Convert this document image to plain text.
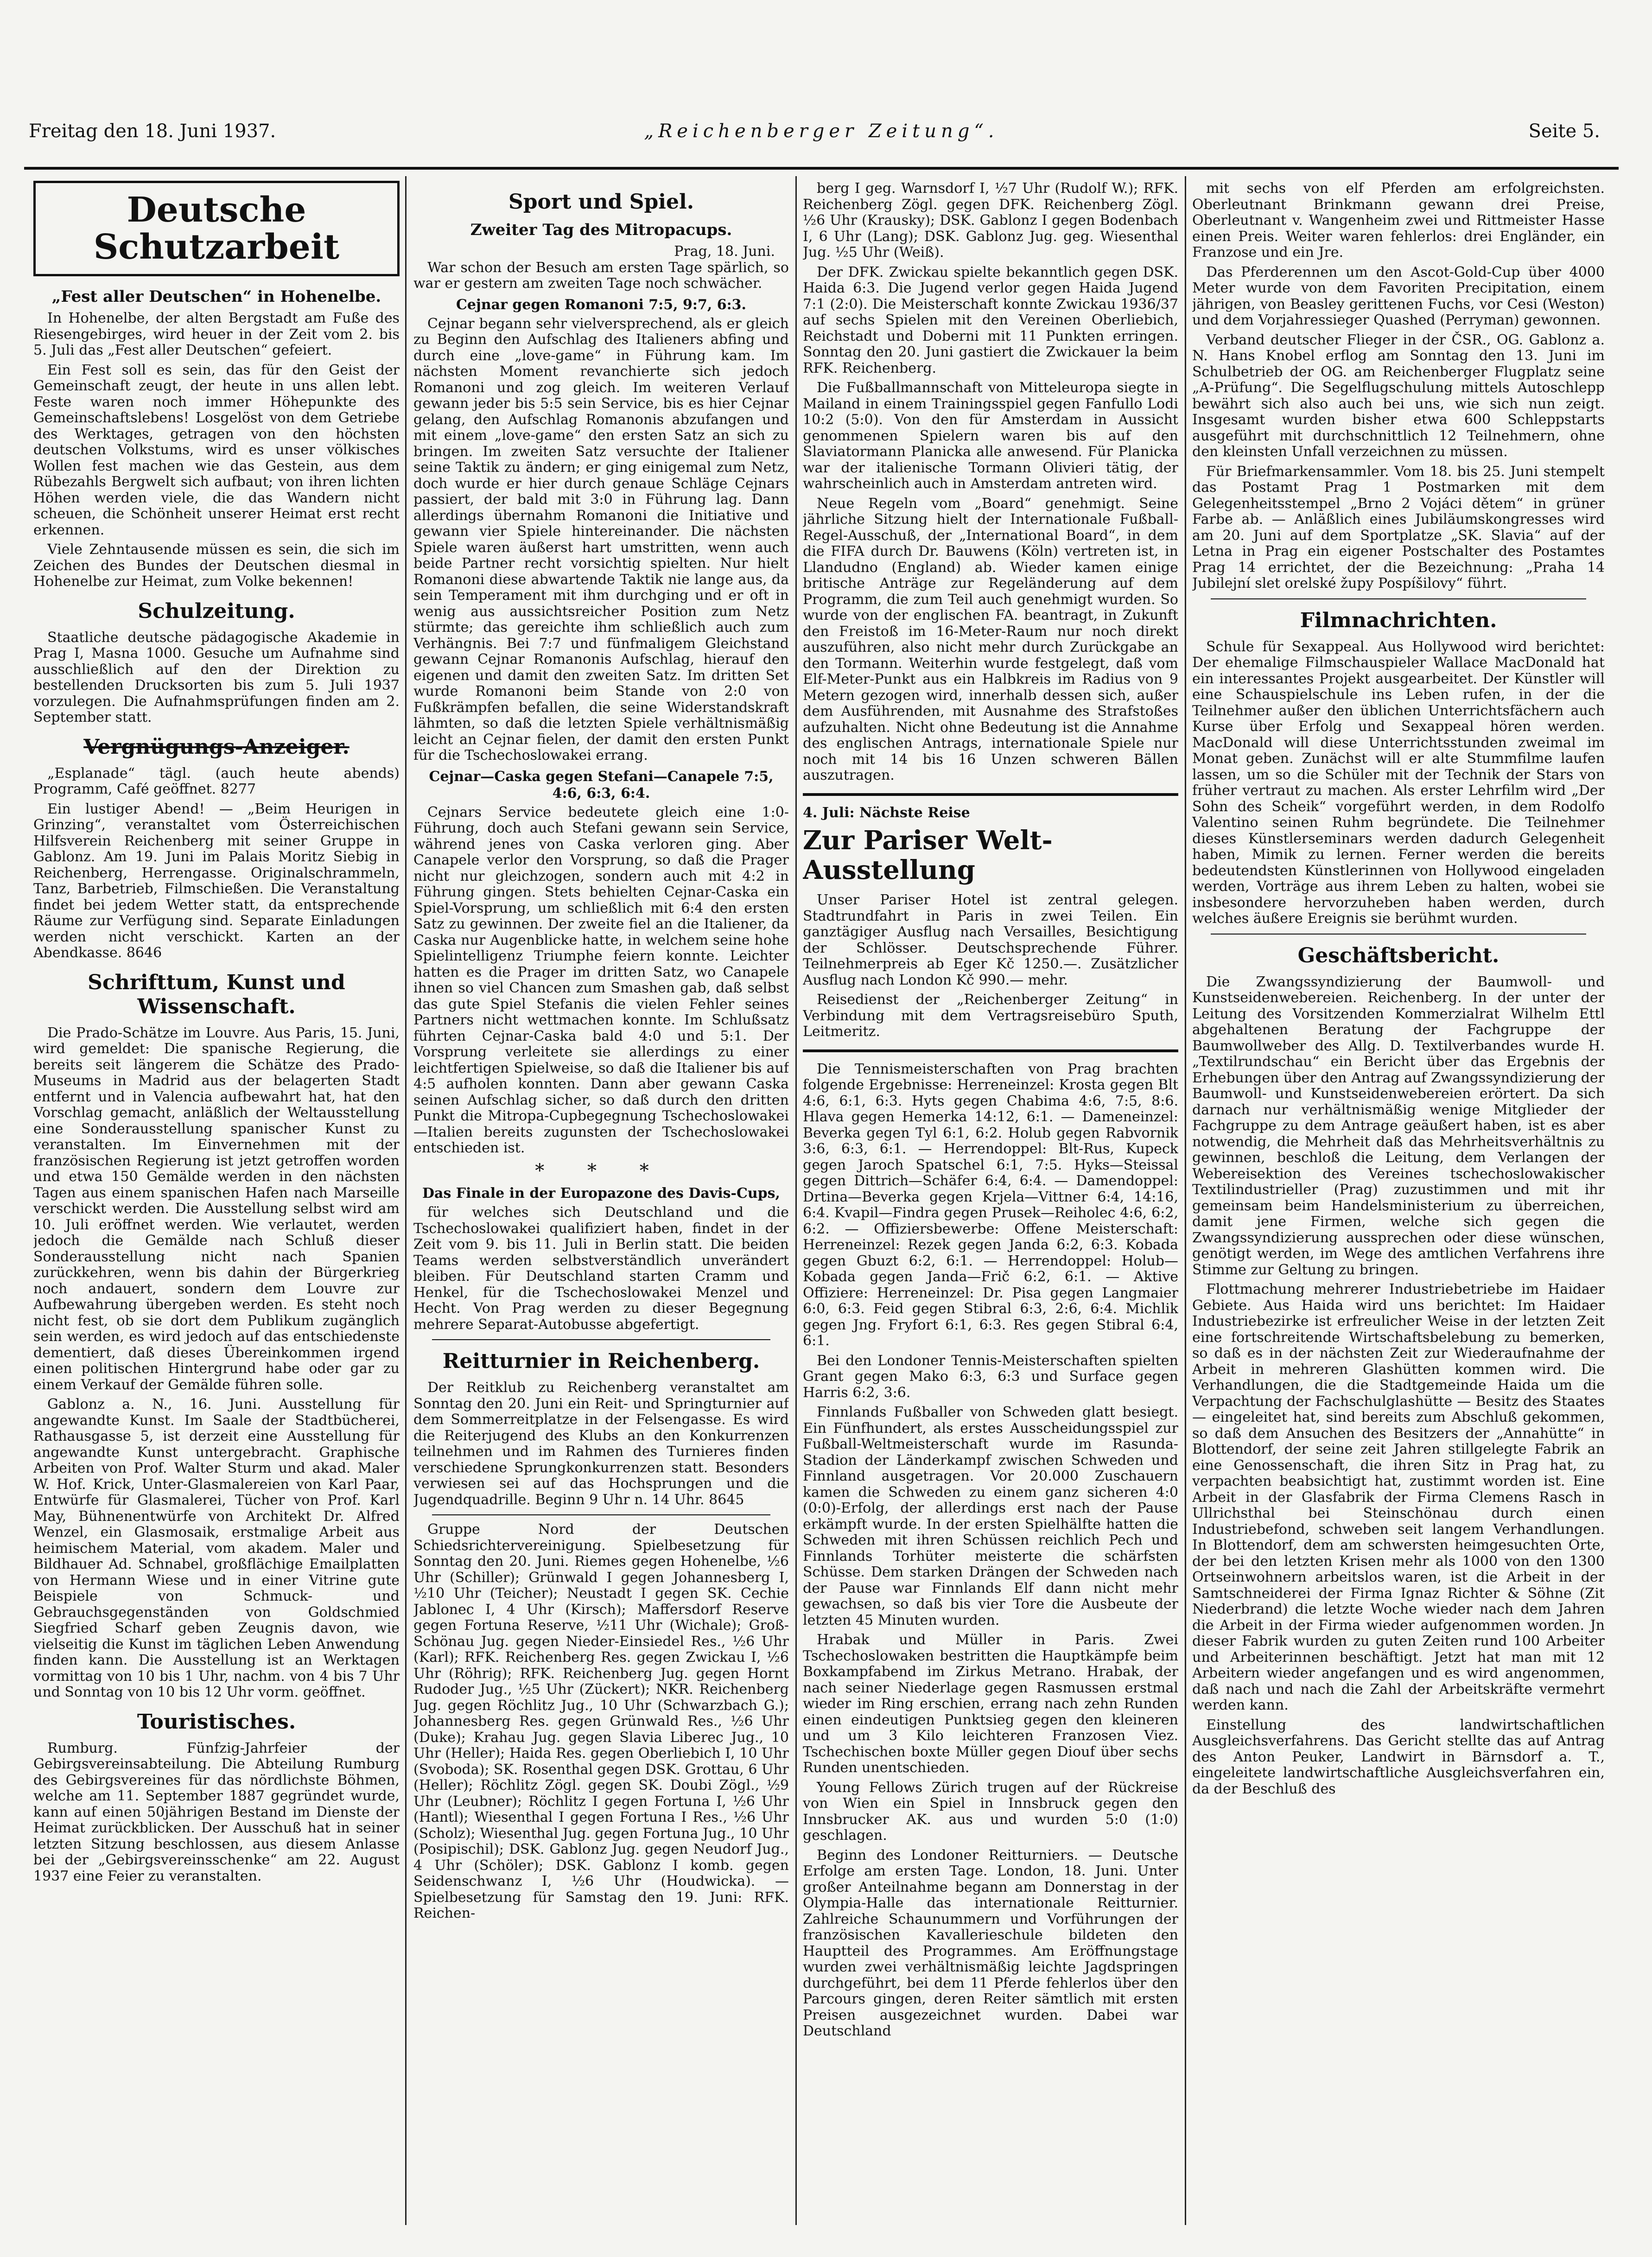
Freitag den 18. Juni 1937.	„Reichenberger Zeitung“.	Seite 5.
Deutsche Schutzarbeit
„Fest aller Deutschen“ in Hohenelbe.

In Hohenelbe, der alten Bergstadt am Fuße des Riesengebirges, wird heuer in der Zeit vom 2. bis 5. Juli das „Fest aller Deutschen“ gefeiert.

Ein Fest soll es sein, das für den Geist der Gemeinschaft zeugt, der heute in uns allen lebt. Feste waren noch immer Höhepunkte des Gemeinschaftslebens! Losgelöst von dem Getriebe des Werktages, getragen von den höchsten deutschen Volkstums, wird es unser völkisches Wollen fest machen wie das Gestein, aus dem Rübezahls Bergwelt sich aufbaut; von ihren lichten Höhen werden viele, die das Wandern nicht scheuen, die Schönheit unserer Heimat erst recht erkennen.

Viele Zehntausende müssen es sein, die sich im Zeichen des Bundes der Deutschen diesmal in Hohenelbe zur Heimat, zum Volke bekennen!

Schulzeitung.

Staatliche deutsche pädagogische Akademie in Prag I, Masna 1000. Gesuche um Aufnahme sind ausschließlich auf den der Direktion zu bestellenden Drucksorten bis zum 5. Juli 1937 vorzulegen. Die Aufnahmsprüfungen finden am 2. September statt.

Vergnügungs-Anzeiger.

„Esplanade“ tägl. (auch heute abends) Programm, Café geöffnet. 8277

Ein lustiger Abend! — „Beim Heurigen in Grinzing“, veranstaltet vom Österreichischen Hilfsverein Reichenberg mit seiner Gruppe in Gablonz. Am 19. Juni im Palais Moritz Siebig in Reichenberg, Herrengasse. Originalschrammeln, Tanz, Barbetrieb, Filmschießen. Die Veranstaltung findet bei jedem Wetter statt, da entsprechende Räume zur Verfügung sind. Separate Einladungen werden nicht verschickt. Karten an der Abendkasse. 8646

Schrifttum, Kunst und Wissenschaft.

Die Prado-Schätze im Louvre. Aus Paris, 15. Juni, wird gemeldet: Die spanische Regierung, die bereits seit längerem die Schätze des Prado-Museums in Madrid aus der belagerten Stadt entfernt und in Valencia aufbewahrt hat, hat den Vorschlag gemacht, anläßlich der Weltausstellung eine Sonderausstellung spanischer Kunst zu veranstalten. Im Einvernehmen mit der französischen Regierung ist jetzt getroffen worden und etwa 150 Gemälde werden in den nächsten Tagen aus einem spanischen Hafen nach Marseille verschickt werden. Die Ausstellung selbst wird am 10. Juli eröffnet werden. Wie verlautet, werden jedoch die Gemälde nach Schluß dieser Sonderausstellung nicht nach Spanien zurückkehren, wenn bis dahin der Bürgerkrieg noch andauert, sondern dem Louvre zur Aufbewahrung übergeben werden. Es steht noch nicht fest, ob sie dort dem Publikum zugänglich sein werden, es wird jedoch auf das entschiedenste dementiert, daß dieses Übereinkommen irgend einen politischen Hintergrund habe oder gar zu einem Verkauf der Gemälde führen solle.

Gablonz a. N., 16. Juni. Ausstellung für angewandte Kunst. Im Saale der Stadtbücherei, Rathausgasse 5, ist derzeit eine Ausstellung für angewandte Kunst untergebracht. Graphische Arbeiten von Prof. Walter Sturm und akad. Maler W. Hof. Krick, Unter-Glasmalereien von Karl Paar, Entwürfe für Glasmalerei, Tücher von Prof. Karl May, Bühnenentwürfe von Architekt Dr. Alfred Wenzel, ein Glasmosaik, erstmalige Arbeit aus heimischem Material, vom akadem. Maler und Bildhauer Ad. Schnabel, großflächige Emailplatten von Hermann Wiese und in einer Vitrine gute Beispiele von Schmuck- und Gebrauchsgegenständen von Goldschmied Siegfried Scharf geben Zeugnis davon, wie vielseitig die Kunst im täglichen Leben Anwendung finden kann. Die Ausstellung ist an Werktagen vormittag von 10 bis 1 Uhr, nachm. von 4 bis 7 Uhr und Sonntag von 10 bis 12 Uhr vorm. geöffnet.

Touristisches.

Rumburg. Fünfzig-Jahrfeier der Gebirgsvereinsabteilung. Die Abteilung Rumburg des Gebirgsvereines für das nördlichste Böhmen, welche am 11. September 1887 gegründet wurde, kann auf einen 50jährigen Bestand im Dienste der Heimat zurückblicken. Der Ausschuß hat in seiner letzten Sitzung beschlossen, aus diesem Anlasse bei der „Gebirgsvereinsschenke“ am 22. August 1937 eine Feier zu veranstalten.

Sport und Spiel.
Zweiter Tag des Mitropacups.
Prag, 18. Juni.

War schon der Besuch am ersten Tage spärlich, so war er gestern am zweiten Tage noch schwächer.

Cejnar gegen Romanoni 7:5, 9:7, 6:3.

Cejnar begann sehr vielversprechend, als er gleich zu Beginn den Aufschlag des Italieners abfing und durch eine „love-game“ in Führung kam. Im nächsten Moment revanchierte sich jedoch Romanoni und zog gleich. Im weiteren Verlauf gewann jeder bis 5:5 sein Service, bis es hier Cejnar gelang, den Aufschlag Romanonis abzufangen und mit einem „love-game“ den ersten Satz an sich zu bringen. Im zweiten Satz versuchte der Italiener seine Taktik zu ändern; er ging einigemal zum Netz, doch wurde er hier durch genaue Schläge Cejnars passiert, der bald mit 3:0 in Führung lag. Dann allerdings übernahm Romanoni die Initiative und gewann vier Spiele hintereinander. Die nächsten Spiele waren äußerst hart umstritten, wenn auch beide Partner recht vorsichtig spielten. Nur hielt Romanoni diese abwartende Taktik nie lange aus, da sein Temperament mit ihm durchging und er oft in wenig aus aussichtsreicher Position zum Netz stürmte; das gereichte ihm schließlich auch zum Verhängnis. Bei 7:7 und fünfmaligem Gleichstand gewann Cejnar Romanonis Aufschlag, hierauf den eigenen und damit den zweiten Satz. Im dritten Set wurde Romanoni beim Stande von 2:0 von Fußkrämpfen befallen, die seine Widerstandskraft lähmten, so daß die letzten Spiele verhältnismäßig leicht an Cejnar fielen, der damit den ersten Punkt für die Tschechoslowakei errang.

Cejnar—Caska gegen Stefani—Canapele 7:5, 4:6, 6:3, 6:4.

Cejnars Service bedeutete gleich eine 1:0-Führung, doch auch Stefani gewann sein Service, während jenes von Caska verloren ging. Aber Canapele verlor den Vorsprung, so daß die Prager nicht nur gleichzogen, sondern auch mit 4:2 in Führung gingen. Stets behielten Cejnar-Caska ein Spiel-Vorsprung, um schließlich mit 6:4 den ersten Satz zu gewinnen. Der zweite fiel an die Italiener, da Caska nur Augenblicke hatte, in welchem seine hohe Spielintelligenz Triumphe feiern konnte. Leichter hatten es die Prager im dritten Satz, wo Canapele ihnen so viel Chancen zum Smashen gab, daß selbst das gute Spiel Stefanis die vielen Fehler seines Partners nicht wettmachen konnte. Im Schlußsatz führten Cejnar-Caska bald 4:0 und 5:1. Der Vorsprung verleitete sie allerdings zu einer leichtfertigen Spielweise, so daß die Italiener bis auf 4:5 aufholen konnten. Dann aber gewann Caska seinen Aufschlag sicher, so daß durch den dritten Punkt die Mitropa-Cupbegegnung Tschechoslowakei—Italien bereits zugunsten der Tschechoslowakei entschieden ist.

* * *
Das Finale in der Europazone des Davis-Cups,

für welches sich Deutschland und die Tschechoslowakei qualifiziert haben, findet in der Zeit vom 9. bis 11. Juli in Berlin statt. Die beiden Teams werden selbstverständlich unverändert bleiben. Für Deutschland starten Cramm und Henkel, für die Tschechoslowakei Menzel und Hecht. Von Prag werden zu dieser Begegnung mehrere Separat-Autobusse abgefertigt.

Reitturnier in Reichenberg.

Der Reitklub zu Reichenberg veranstaltet am Sonntag den 20. Juni ein Reit- und Springturnier auf dem Sommerreitplatze in der Felsengasse. Es wird die Reiterjugend des Klubs an den Konkurrenzen teilnehmen und im Rahmen des Turnieres finden verschiedene Sprungkonkurrenzen statt. Besonders verwiesen sei auf das Hochsprungen und die Jugendquadrille. Beginn 9 Uhr n. 14 Uhr. 8645

Gruppe Nord der Deutschen Schiedsrichtervereinigung. Spielbesetzung für Sonntag den 20. Juni. Riemes gegen Hohenelbe, ½6 Uhr (Schiller); Grünwald I gegen Johannesberg I, ½10 Uhr (Teicher); Neustadt I gegen SK. Cechie Jablonec I, 4 Uhr (Kirsch); Maffersdorf Reserve gegen Fortuna Reserve, ½11 Uhr (Wichale); Groß-Schönau Jug. gegen Nieder-Einsiedel Res., ½6 Uhr (Karl); RFK. Reichenberg Res. gegen Zwickau I, ½6 Uhr (Röhrig); RFK. Reichenberg Jug. gegen Hornt Rudoder Jug., ½5 Uhr (Zückert); NKR. Reichenberg Jug. gegen Röchlitz Jug., 10 Uhr (Schwarzbach G.); Johannesberg Res. gegen Grünwald Res., ½6 Uhr (Duke); Krahau Jug. gegen Slavia Liberec Jug., 10 Uhr (Heller); Haida Res. gegen Oberliebich I, 10 Uhr (Svoboda); SK. Rosenthal gegen DSK. Grottau, 6 Uhr (Heller); Röchlitz Zögl. gegen SK. Doubi Zögl., ½9 Uhr (Leubner); Röchlitz I gegen Fortuna I, ½6 Uhr (Hantl); Wiesenthal I gegen Fortuna I Res., ½6 Uhr (Scholz); Wiesenthal Jug. gegen Fortuna Jug., 10 Uhr (Posipischil); DSK. Gablonz Jug. gegen Neudorf Jug., 4 Uhr (Schöler); DSK. Gablonz I komb. gegen Seidenschwanz I, ½6 Uhr (Houdwicka). — Spielbesetzung für Samstag den 19. Juni: RFK. Reichen-

berg I geg. Warnsdorf I, ½7 Uhr (Rudolf W.); RFK. Reichenberg Zögl. gegen DFK. Reichenberg Zögl. ½6 Uhr (Krausky); DSK. Gablonz I gegen Bodenbach I, 6 Uhr (Lang); DSK. Gablonz Jug. geg. Wiesenthal Jug. ½5 Uhr (Weiß).

Der DFK. Zwickau spielte bekanntlich gegen DSK. Haida 6:3. Die Jugend verlor gegen Haida Jugend 7:1 (2:0). Die Meisterschaft konnte Zwickau 1936/37 auf sechs Spielen mit den Vereinen Oberliebich, Reichstadt und Doberni mit 11 Punkten erringen. Sonntag den 20. Juni gastiert die Zwickauer la beim RFK. Reichenberg.

Die Fußballmannschaft von Mitteleuropa siegte in Mailand in einem Trainingsspiel gegen Fanfullo Lodi 10:2 (5:0). Von den für Amsterdam in Aussicht genommenen Spielern waren bis auf den Slaviatormann Planicka alle anwesend. Für Planicka war der italienische Tormann Olivieri tätig, der wahrscheinlich auch in Amsterdam antreten wird.

Neue Regeln vom „Board“ genehmigt. Seine jährliche Sitzung hielt der Internationale Fußball-Regel-Ausschuß, der „International Board“, in dem die FIFA durch Dr. Bauwens (Köln) vertreten ist, in Llandudno (England) ab. Wieder kamen einige britische Anträge zur Regeländerung auf dem Programm, die zum Teil auch genehmigt wurden. So wurde von der englischen FA. beantragt, in Zukunft den Freistoß im 16-Meter-Raum nur noch direkt auszuführen, also nicht mehr durch Zurückgabe an den Tormann. Weiterhin wurde festgelegt, daß vom Elf-Meter-Punkt aus ein Halbkreis im Radius von 9 Metern gezogen wird, innerhalb dessen sich, außer dem Ausführenden, mit Ausnahme des Strafstoßes aufzuhalten. Nicht ohne Bedeutung ist die Annahme des englischen Antrags, internationale Spiele nur noch mit 14 bis 16 Unzen schweren Bällen auszutragen.

4. Juli: Nächste Reise
Zur Pariser Welt-Ausstellung

Unser Pariser Hotel ist zentral gelegen. Stadtrundfahrt in Paris in zwei Teilen. Ein ganztägiger Ausflug nach Versailles, Besichtigung der Schlösser. Deutschsprechende Führer. Teilnehmerpreis ab Eger Kč 1250.—. Zusätzlicher Ausflug nach London Kč 990.— mehr.

Reisedienst der „Reichenberger Zeitung“ in Verbindung mit dem Vertragsreisebüro Sputh, Leitmeritz.

Die Tennismeisterschaften von Prag brachten folgende Ergebnisse: Herreneinzel: Krosta gegen Blt 4:6, 6:1, 6:3. Hyts gegen Chabima 4:6, 7:5, 8:6. Hlava gegen Hemerka 14:12, 6:1. — Dameneinzel: Beverka gegen Tyl 6:1, 6:2. Holub gegen Rabvornik 3:6, 6:3, 6:1. — Herrendoppel: Blt-Rus, Kupeck gegen Jaroch Spatschel 6:1, 7:5. Hyks—Steissal gegen Dittrich—Schäfer 6:4, 6:4. — Damendoppel: Drtina—Beverka gegen Krjela—Vittner 6:4, 14:16, 6:4. Kvapil—Findra gegen Prusek—Reiholec 4:6, 6:2, 6:2. — Offiziersbewerbe: Offene Meisterschaft: Herreneinzel: Rezek gegen Janda 6:2, 6:3. Kobada gegen Gbuzt 6:2, 6:1. — Herrendoppel: Holub—Kobada gegen Janda—Frič 6:2, 6:1. — Aktive Offiziere: Herreneinzel: Dr. Pisa gegen Langmaier 6:0, 6:3. Feid gegen Stibral 6:3, 2:6, 6:4. Michlik gegen Jng. Fryfort 6:1, 6:3. Res gegen Stibral 6:4, 6:1.

Bei den Londoner Tennis-Meisterschaften spielten Grant gegen Mako 6:3, 6:3 und Surface gegen Harris 6:2, 3:6.

Finnlands Fußballer von Schweden glatt besiegt. Ein Fünfhundert, als erstes Ausscheidungsspiel zur Fußball-Weltmeisterschaft wurde im Rasunda-Stadion der Länderkampf zwischen Schweden und Finnland ausgetragen. Vor 20.000 Zuschauern kamen die Schweden zu einem ganz sicheren 4:0 (0:0)-Erfolg, der allerdings erst nach der Pause erkämpft wurde. In der ersten Spielhälfte hatten die Schweden mit ihren Schüssen reichlich Pech und Finnlands Torhüter meisterte die schärfsten Schüsse. Dem starken Drängen der Schweden nach der Pause war Finnlands Elf dann nicht mehr gewachsen, so daß bis vier Tore die Ausbeute der letzten 45 Minuten wurden.

Hrabak und Müller in Paris. Zwei Tschechoslowaken bestritten die Hauptkämpfe beim Boxkampfabend im Zirkus Metrano. Hrabak, der nach seiner Niederlage gegen Rasmussen erstmal wieder im Ring erschien, errang nach zehn Runden einen eindeutigen Punktsieg gegen den kleineren und um 3 Kilo leichteren Franzosen Viez. Tschechischen boxte Müller gegen Diouf über sechs Runden unentschieden.

Young Fellows Zürich trugen auf der Rückreise von Wien ein Spiel in Innsbruck gegen den Innsbrucker AK. aus und wurden 5:0 (1:0) geschlagen.

Beginn des Londoner Reitturniers. — Deutsche Erfolge am ersten Tage. London, 18. Juni. Unter großer Anteilnahme begann am Donnerstag in der Olympia-Halle das internationale Reitturnier. Zahlreiche Schaunummern und Vorführungen der französischen Kavallerieschule bildeten den Hauptteil des Programmes. Am Eröffnungstage wurden zwei verhältnismäßig leichte Jagdspringen durchgeführt, bei dem 11 Pferde fehlerlos über den Parcours gingen, deren Reiter sämtlich mit ersten Preisen ausgezeichnet wurden. Dabei war Deutschland

mit sechs von elf Pferden am erfolgreichsten. Oberleutnant Brinkmann gewann drei Preise, Oberleutnant v. Wangenheim zwei und Rittmeister Hasse einen Preis. Weiter waren fehlerlos: drei Engländer, ein Franzose und ein Jre.

Das Pferderennen um den Ascot-Gold-Cup über 4000 Meter wurde von dem Favoriten Precipitation, einem jährigen, von Beasley gerittenen Fuchs, vor Cesi (Weston) und dem Vorjahressieger Quashed (Perryman) gewonnen.

Verband deutscher Flieger in der ČSR., OG. Gablonz a. N. Hans Knobel erflog am Sonntag den 13. Juni im Schulbetrieb der OG. am Reichenberger Flugplatz seine „A-Prüfung“. Die Segelflugschulung mittels Autoschlepp bewährt sich also auch bei uns, wie sich nun zeigt. Insgesamt wurden bisher etwa 600 Schleppstarts ausgeführt mit durchschnittlich 12 Teilnehmern, ohne den kleinsten Unfall verzeichnen zu müssen.

Für Briefmarkensammler. Vom 18. bis 25. Juni stempelt das Postamt Prag 1 Postmarken mit dem Gelegenheitsstempel „Brno 2 Vojáci dětem“ in grüner Farbe ab. — Anläßlich eines Jubiläumskongresses wird am 20. Juni auf dem Sportplatze „SK. Slavia“ auf der Letna in Prag ein eigener Postschalter des Postamtes Prag 14 errichtet, der die Bezeichnung: „Praha 14 Jubilejní slet orelské župy Pospíšilovy“ führt.

Filmnachrichten.

Schule für Sexappeal. Aus Hollywood wird berichtet: Der ehemalige Filmschauspieler Wallace MacDonald hat ein interessantes Projekt ausgearbeitet. Der Künstler will eine Schauspielschule ins Leben rufen, in der die Teilnehmer außer den üblichen Unterrichtsfächern auch Kurse über Erfolg und Sexappeal hören werden. MacDonald will diese Unterrichtsstunden zweimal im Monat geben. Zunächst will er alte Stummfilme laufen lassen, um so die Schüler mit der Technik der Stars von früher vertraut zu machen. Als erster Lehrfilm wird „Der Sohn des Scheik“ vorgeführt werden, in dem Rodolfo Valentino seinen Ruhm begründete. Die Teilnehmer dieses Künstlerseminars werden dadurch Gelegenheit haben, Mimik zu lernen. Ferner werden die bereits bedeutendsten Künstlerinnen von Hollywood eingeladen werden, Vorträge aus ihrem Leben zu halten, wobei sie insbesondere hervorzuheben haben werden, durch welches äußere Ereignis sie berühmt wurden.

Geschäftsbericht.

Die Zwangssyndizierung der Baumwoll- und Kunstseidenwebereien. Reichenberg. In der unter der Leitung des Vorsitzenden Kommerzialrat Wilhelm Ettl abgehaltenen Beratung der Fachgruppe der Baumwollweber des Allg. D. Textilverbandes wurde H. „Textilrundschau“ ein Bericht über das Ergebnis der Erhebungen über den Antrag auf Zwangssyndizierung der Baumwoll- und Kunstseidenwebereien erörtert. Da sich darnach nur verhältnismäßig wenige Mitglieder der Fachgruppe zu dem Antrage geäußert haben, ist es aber notwendig, die Mehrheit daß das Mehrheitsverhältnis zu gewinnen, beschloß die Leitung, dem Verlangen der Webereisektion des Vereines tschechoslowakischer Textilindustrieller (Prag) zuzustimmen und mit ihr gemeinsam beim Handelsministerium zu überreichen, damit jene Firmen, welche sich gegen die Zwangssyndizierung aussprechen oder diese wünschen, genötigt werden, im Wege des amtlichen Verfahrens ihre Stimme zur Geltung zu bringen.

Flottmachung mehrerer Industriebetriebe im Haidaer Gebiete. Aus Haida wird uns berichtet: Im Haidaer Industriebezirke ist erfreulicher Weise in der letzten Zeit eine fortschreitende Wirtschaftsbelebung zu bemerken, so daß es in der nächsten Zeit zur Wiederaufnahme der Arbeit in mehreren Glashütten kommen wird. Die Verhandlungen, die die Stadtgemeinde Haida um die Verpachtung der Fachschulglashütte — Besitz des Staates — eingeleitet hat, sind bereits zum Abschluß gekommen, so daß dem Ansuchen des Besitzers der „Annahütte“ in Blottendorf, der seine zeit Jahren stillgelegte Fabrik an eine Genossenschaft, die ihren Sitz in Prag hat, zu verpachten beabsichtigt hat, zustimmt worden ist. Eine Arbeit in der Glasfabrik der Firma Clemens Rasch in Ullrichsthal bei Steinschönau durch einen Industriebefond, schweben seit langem Verhandlungen. In Blottendorf, dem am schwersten heimgesuchten Orte, der bei den letzten Krisen mehr als 1000 von den 1300 Ortseinwohnern arbeitslos waren, ist die Arbeit in der Samtschneiderei der Firma Ignaz Richter & Söhne (Zit Niederbrand) die letzte Woche wieder nach dem Jahren die Arbeit in der Firma wieder aufgenommen worden. Jn dieser Fabrik wurden zu guten Zeiten rund 100 Arbeiter und Arbeiterinnen beschäftigt. Jetzt hat man mit 12 Arbeitern wieder angefangen und es wird angenommen, daß nach und nach die Zahl der Arbeitskräfte vermehrt werden kann.

Einstellung des landwirtschaftlichen Ausgleichsverfahrens. Das Gericht stellte das auf Antrag des Anton Peuker, Landwirt in Bärnsdorf a. T., eingeleitete landwirtschaftliche Ausgleichsverfahren ein, da der Beschluß des
